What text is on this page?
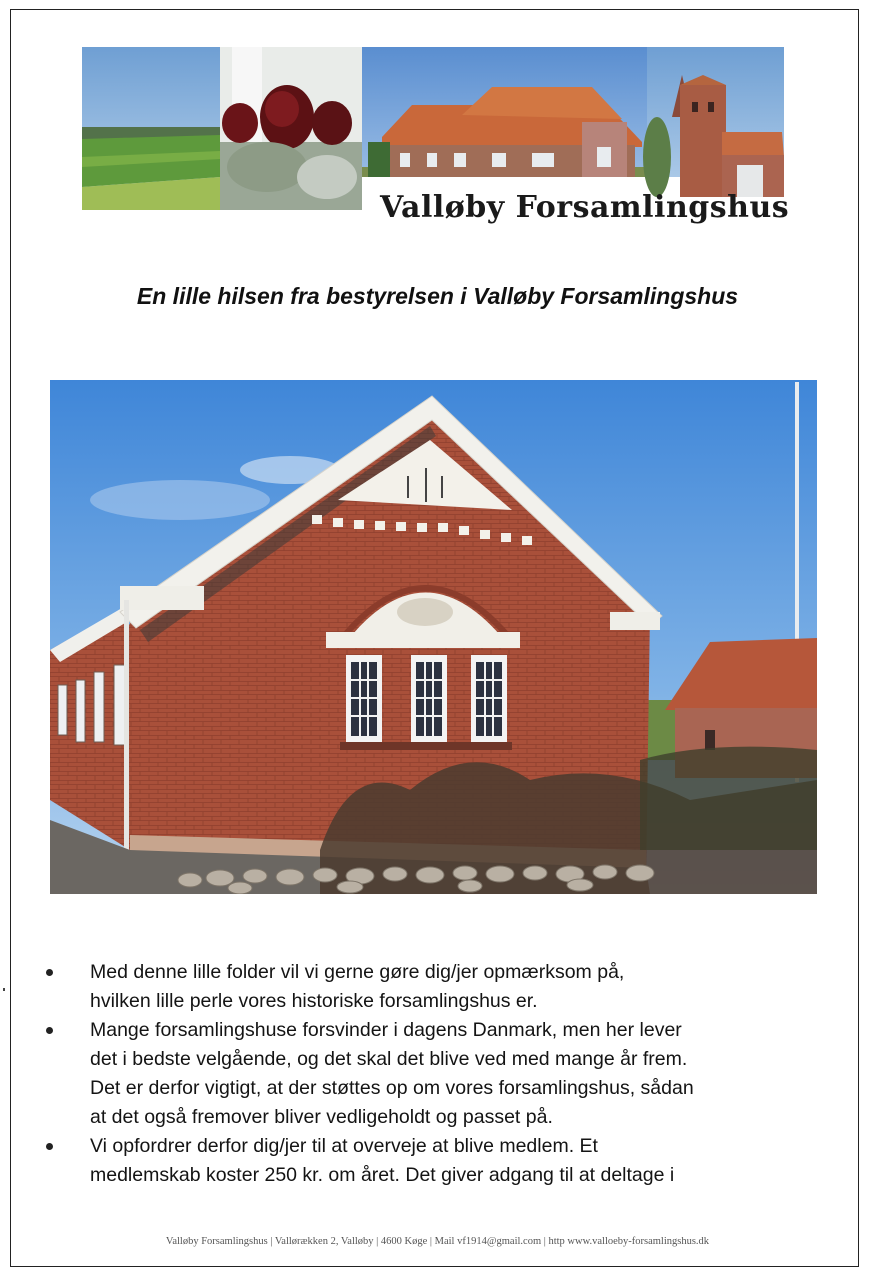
Valløby Forsamlingshus
En lille hilsen fra bestyrelsen i Valløby Forsamlingshus
Med denne lille folder vil vi gerne gøre dig/jer opmærksom på,
hvilken lille perle vores historiske forsamlingshus er.
Mange forsamlingshuse forsvinder i dagens Danmark, men her lever
det i bedste velgående, og det skal det blive ved med mange år frem.
Det er derfor vigtigt, at der støttes op om vores forsamlingshus, sådan
at det også fremover bliver vedligeholdt og passet på.
Vi opfordrer derfor dig/jer til at overveje at blive medlem. Et
medlemskab koster 250 kr. om året. Det giver adgang til at deltage i
Valløby Forsamlingshus | Vallørækken 2, Valløby | 4600 Køge | Mail vf1914@gmail.com | http www.valloeby-forsamlingshus.dk
